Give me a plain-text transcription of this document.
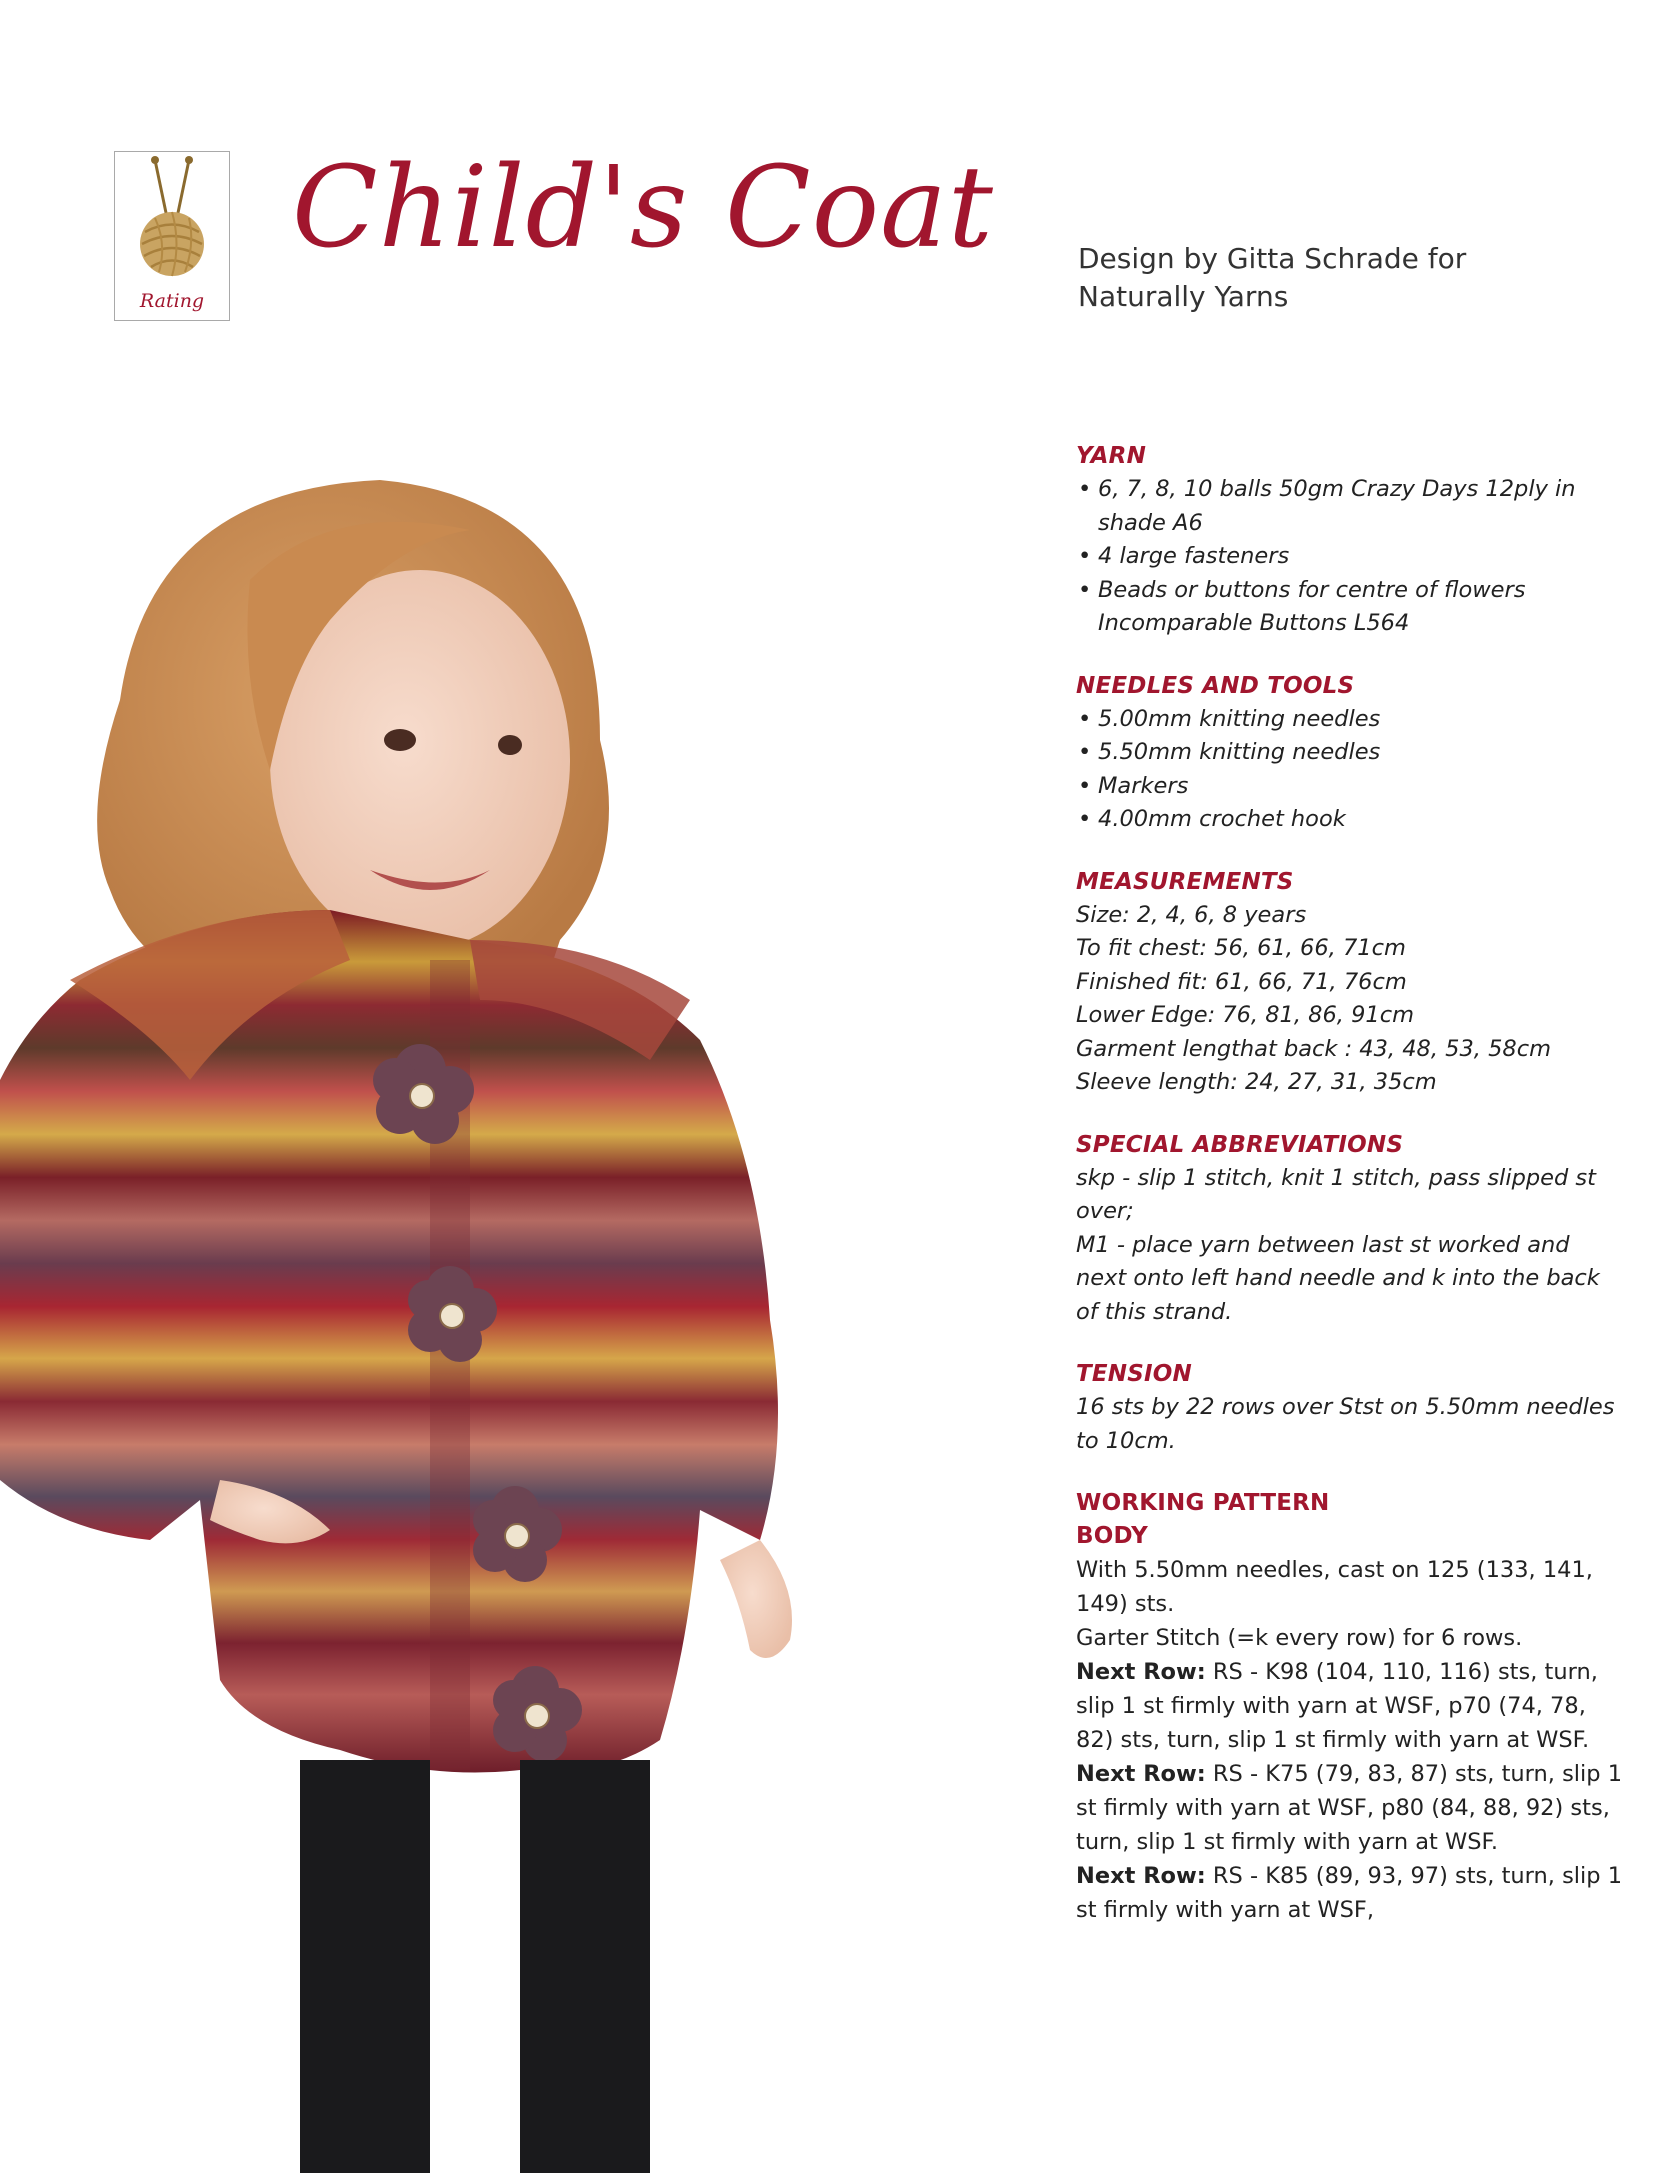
Rating
Child's Coat	Design by Gitta Schrade for
Naturally Yarns
YARN
• 6, 7, 8, 10 balls 50gm Crazy Days 12ply in shade A6
• 4 large fasteners
• Beads or buttons for centre of flowers Incomparable Buttons L564
NEEDLES AND TOOLS
• 5.00mm knitting needles
• 5.50mm knitting needles
• Markers
• 4.00mm crochet hook
MEASUREMENTS
Size: 2, 4, 6, 8 years
To fit chest: 56, 61, 66, 71cm
Finished fit: 61, 66, 71, 76cm
Lower Edge: 76, 81, 86, 91cm
Garment lengthat back : 43, 48, 53, 58cm
Sleeve length: 24, 27, 31, 35cm
SPECIAL ABBREVIATIONS
skp - slip 1 stitch, knit 1 stitch, pass slipped st over;
M1 - place yarn between last st worked and next onto left hand needle and k into the back of this strand.
TENSION
16 sts by 22 rows over Stst on 5.50mm needles to 10cm.
WORKING PATTERN
BODY
With 5.50mm needles, cast on 125 (133, 141, 149) sts.
Garter Stitch (=k every row) for 6 rows.
Next Row: RS - K98 (104, 110, 116) sts, turn, slip 1 st firmly with yarn at WSF, p70 (74, 78, 82) sts, turn, slip 1 st firmly with yarn at WSF.
Next Row: RS - K75 (79, 83, 87) sts, turn, slip 1 st firmly with yarn at WSF, p80 (84, 88, 92) sts, turn, slip 1 st firmly with yarn at WSF.
Next Row: RS - K85 (89, 93, 97) sts, turn, slip 1 st firmly with yarn at WSF,
